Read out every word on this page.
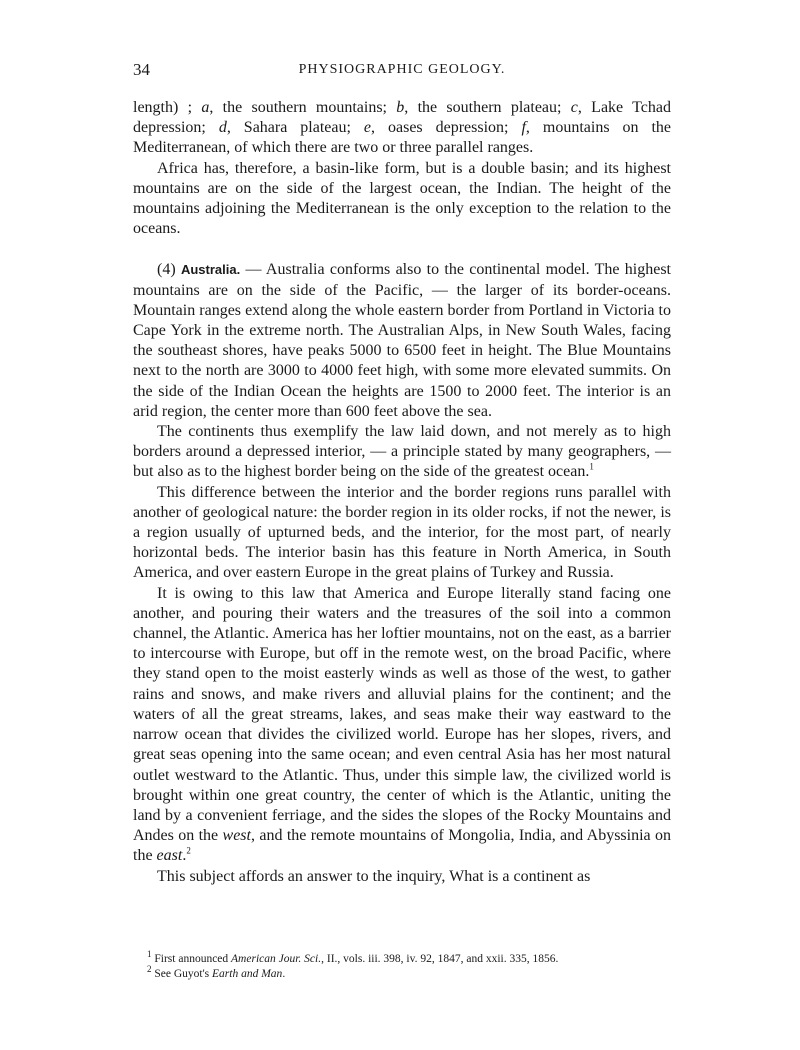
34	PHYSIOGRAPHIC GEOLOGY.

length) ; a, the southern mountains; b, the southern plateau; c, Lake Tchad depression; d, Sahara plateau; e, oases depression; f, mountains on the Mediterranean, of which there are two or three parallel ranges.

Africa has, therefore, a basin-like form, but is a double basin; and its highest mountains are on the side of the largest ocean, the Indian. The height of the mountains adjoining the Mediterranean is the only exception to the relation to the oceans.

(4) Australia. — Australia conforms also to the continental model. The highest mountains are on the side of the Pacific, — the larger of its border-oceans. Mountain ranges extend along the whole eastern border from Portland in Victoria to Cape York in the extreme north. The Australian Alps, in New South Wales, facing the southeast shores, have peaks 5000 to 6500 feet in height. The Blue Mountains next to the north are 3000 to 4000 feet high, with some more elevated summits. On the side of the Indian Ocean the heights are 1500 to 2000 feet. The interior is an arid region, the center more than 600 feet above the sea.

The continents thus exemplify the law laid down, and not merely as to high borders around a depressed interior, — a principle stated by many geographers, — but also as to the highest border being on the side of the greatest ocean.$^1$

This difference between the interior and the border regions runs parallel with another of geological nature: the border region in its older rocks, if not the newer, is a region usually of upturned beds, and the interior, for the most part, of nearly horizontal beds. The interior basin has this feature in North America, in South America, and over eastern Europe in the great plains of Turkey and Russia.

It is owing to this law that America and Europe literally stand facing one another, and pouring their waters and the treasures of the soil into a common channel, the Atlantic. America has her loftier mountains, not on the east, as a barrier to intercourse with Europe, but off in the remote west, on the broad Pacific, where they stand open to the moist easterly winds as well as those of the west, to gather rains and snows, and make rivers and alluvial plains for the continent; and the waters of all the great streams, lakes, and seas make their way eastward to the narrow ocean that divides the civilized world. Europe has her slopes, rivers, and great seas opening into the same ocean; and even central Asia has her most natural outlet westward to the Atlantic. Thus, under this simple law, the civilized world is brought within one great country, the center of which is the Atlantic, uniting the land by a convenient ferriage, and the sides the slopes of the Rocky Mountains and Andes on the west, and the remote mountains of Mongolia, India, and Abyssinia on the east.$^2$

This subject affords an answer to the inquiry, What is a continent as

$^1$ First announced American Jour. Sci., II., vols. iii. 398, iv. 92, 1847, and xxii. 335, 1856.

$^2$ See Guyot's Earth and Man.
